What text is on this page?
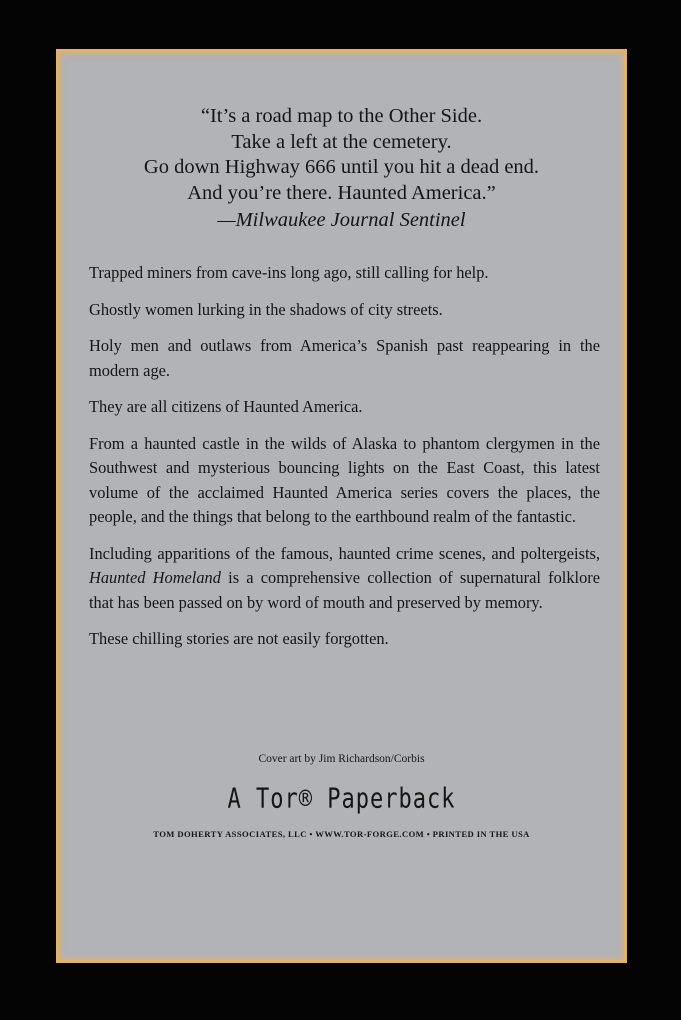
“It’s a road map to the Other Side.
Take a left at the cemetery.
Go down Highway 666 until you hit a dead end.
And you’re there. Haunted America.”
—Milwaukee Journal Sentinel

Trapped miners from cave-ins long ago, still calling for help.

Ghostly women lurking in the shadows of city streets.

Holy men and outlaws from America’s Spanish past reappearing in the modern age.

They are all citizens of Haunted America.

From a haunted castle in the wilds of Alaska to phantom clergymen in the Southwest and mysterious bouncing lights on the East Coast, this latest volume of the acclaimed Haunted America series covers the places, the people, and the things that belong to the earthbound realm of the fantastic.

Including apparitions of the famous, haunted crime scenes, and poltergeists, Haunted Homeland is a comprehensive collection of supernatural folklore that has been passed on by word of mouth and preserved by memory.

These chilling stories are not easily forgotten.

Cover art by Jim Richardson/Corbis
A Tor® Paperback
TOM DOHERTY ASSOCIATES, LLC • WWW.TOR-FORGE.COM • PRINTED IN THE USA
